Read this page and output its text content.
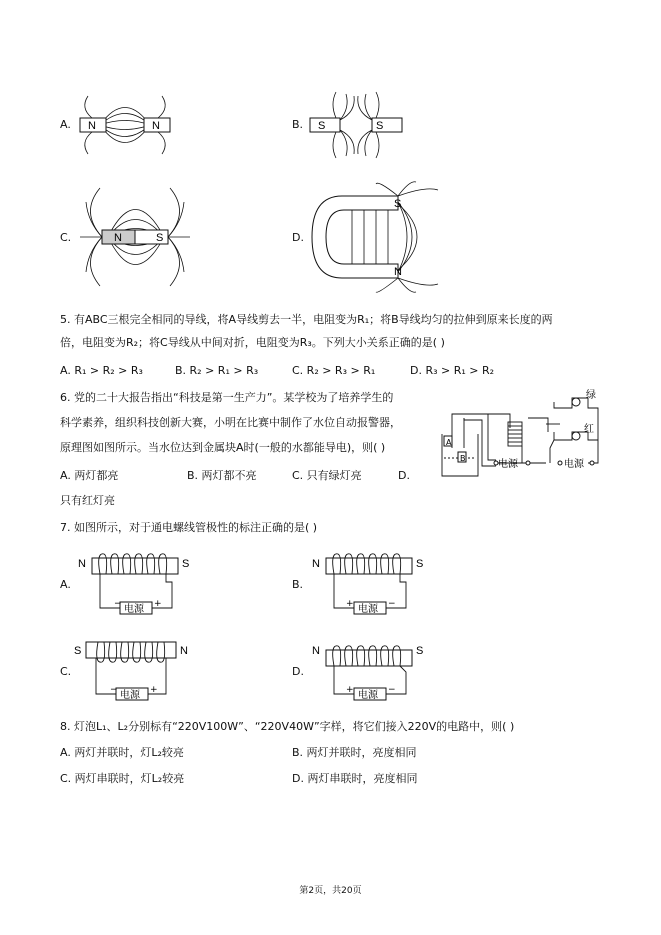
A. N	N	B. S	S
C.	N	S	D.
S
N
5. 有ABC三根完全相同的导线，将A导线剪去一半，电阻变为R₁；将B导线均匀的拉伸到原来长度的两
倍，电阻变为R₂；将C导线从中间对折，电阻变为R₃。下列大小关系正确的是( )
A. R₁ > R₂ > R₃	B. R₂ > R₁ > R₃	C. R₂ > R₃ > R₁	D. R₃ > R₁ > R₂
6. 党的二十大报告指出“科技是第一生产力”。某学校为了培养学生的
科学素养，组织科技创新大赛，小明在比赛中制作了水位自动报警器，
原理图如图所示。当水位达到金属块A时(一般的水都能导电)，则( )
A. 两灯都亮	B. 两灯都不亮	C. 只有绿灯亮	D.
只有红灯亮
A
B
绿
红
电源	电源
7. 如图所示，对于通电螺线管极性的标注正确的是( )
A.
电源
−	+
N	S
B.
电源 −
+
N	S
C.
电源
−	+
S	N
D.
电源 −
+
N	S
8. 灯泡L₁、L₂分别标有“220V100W”、“220V40W”字样，将它们接入220V的电路中，则( )
A. 两灯并联时，灯L₂较亮	B. 两灯并联时，亮度相同
C. 两灯串联时，灯L₂较亮	D. 两灯串联时，亮度相同
第2页，共20页
